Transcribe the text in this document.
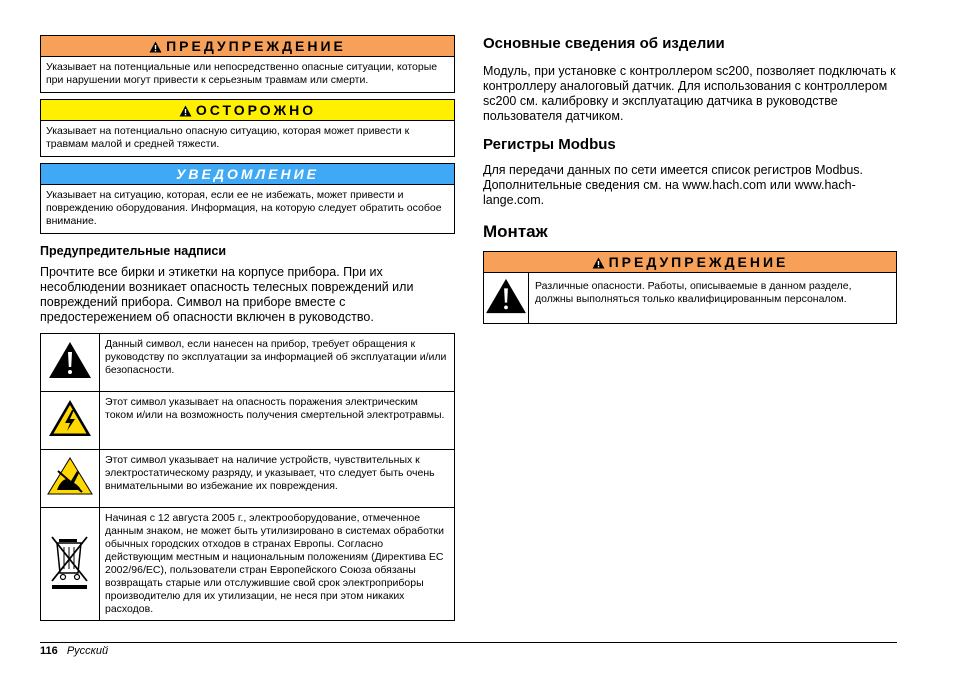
ПРЕДУПРЕЖДЕНИЕ
Указывает на потенциальные или непосредственно опасные ситуации, которые при нарушении могут привести к серьезным травмам или смерти.
ОСТОРОЖНО
Указывает на потенциально опасную ситуацию, которая может привести к травмам малой и средней тяжести.
УВЕДОМЛЕНИЕ
Указывает на ситуацию, которая, если ее не избежать, может привести и повреждению оборудования. Информация, на которую следует обратить особое внимание.
Предупредительные надписи

Прочтите все бирки и этикетки на корпусе прибора. При их несоблюдении возникает опасность телесных повреждений или повреждений прибора. Символ на приборе вместе с предостережением об опасности включен в руководство.

	Данный символ, если нанесен на прибор, требует обращения к руководству по эксплуатации за информацией об эксплуатации и/или безопасности.
	Этот символ указывает на опасность поражения электрическим током и/или на возможность получения смертельной электротравмы.
	Этот символ указывает на наличие устройств, чувствительных к электростатическому разряду, и указывает, что следует быть очень внимательными во избежание их повреждения.
	Начиная с 12 августа 2005 г., электрооборудование, отмеченное данным знаком, не может быть утилизировано в системах обработки обычных городских отходов в странах Европы. Согласно действующим местным и национальным положениям (Директива ЕС 2002/96/ЕС), пользователи стран Европейского Союза обязаны возвращать старые или отслужившие свой срок электроприборы производителю для их утилизации, не неся при этом никаких расходов.
Основные сведения об изделии

Модуль, при установке с контроллером sc200, позволяет подключать к контроллеру аналоговый датчик. Для использования с контроллером sc200 см. калибровку и эксплуатацию датчика в руководстве пользователя датчиком.

Регистры Modbus

Для передачи данных по сети имеется список регистров Modbus. Дополнительные сведения см. на www.hach.com или www.hach-lange.com.

Монтаж
ПРЕДУПРЕЖДЕНИЕ
Различные опасности. Работы, описываемые в данном разделе, должны выполняться только квалифицированным персоналом.
116 Русский
